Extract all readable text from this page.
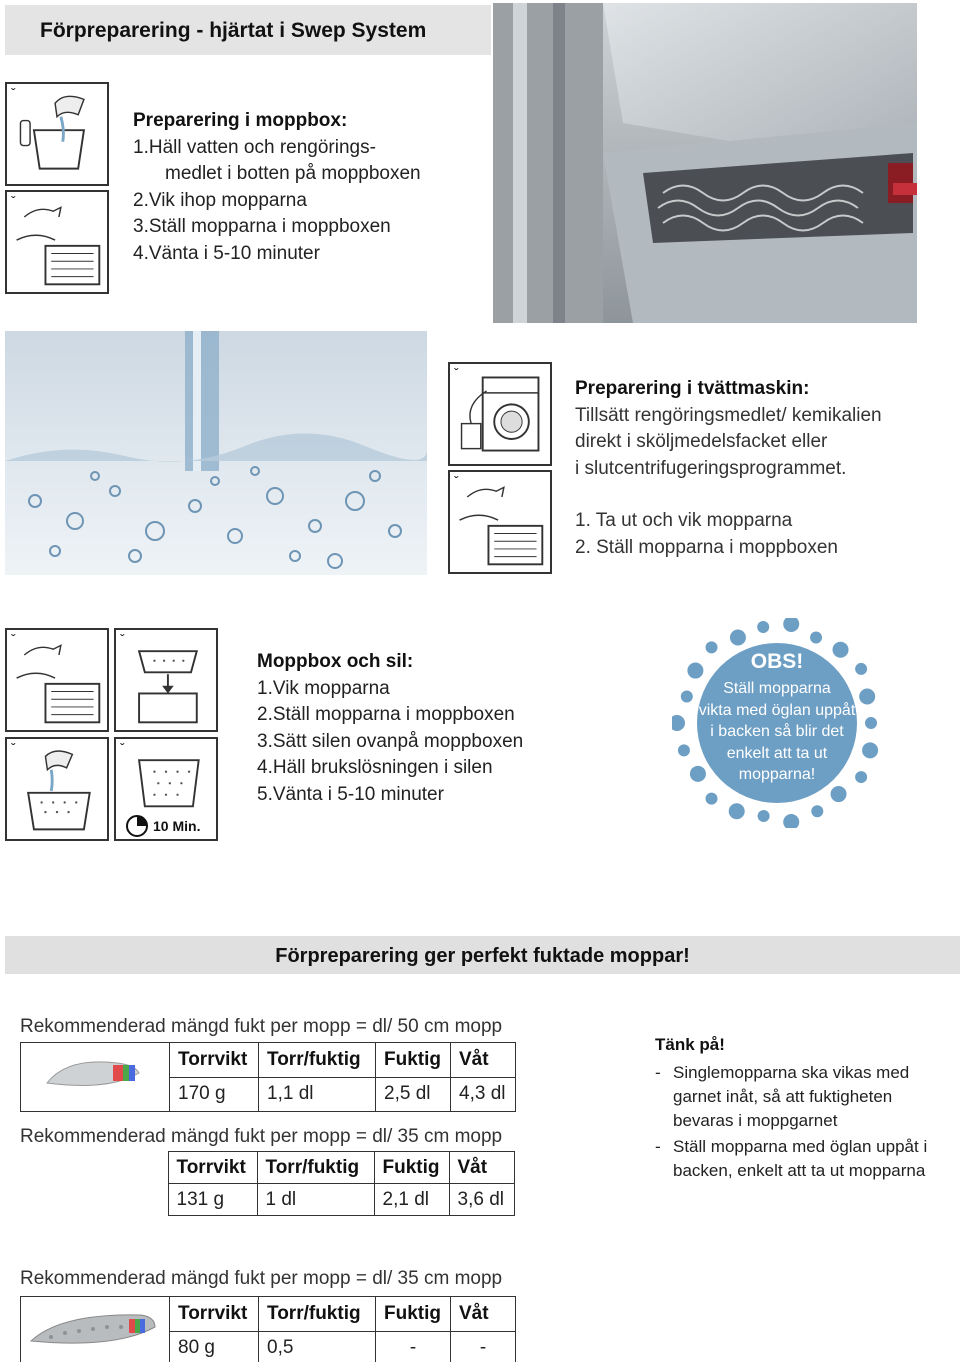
Förpreparering - hjärtat i Swep System
ˇ
ˇ
Preparering i moppbox:
1. Häll vatten och rengörings-
medlet i botten på moppboxen
2. Vik ihop mopparna
3. Ställ mopparna i moppboxen
4. Vänta i 5-10 minuter
ˇ
ˇ
Preparering i tvättmaskin:
Tillsätt rengöringsmedlet/ kemikalien
direkt i sköljmedelsfacket eller
i slutcentrifugeringsprogrammet.
1. Ta ut och vik mopparna
2. Ställ mopparna i moppboxen
ˇ	ˇ
ˇ	ˇ
10 Min.
Moppbox och sil:
1. Vik mopparna
2. Ställ mopparna i moppboxen
3. Sätt silen ovanpå moppboxen
4. Häll brukslösningen i silen
5. Vänta i 5-10 minuter
OBS!
Ställ mopparna
vikta med öglan uppåt
i backen så blir det
enkelt att ta ut
mopparna!
Förpreparering ger perfekt fuktade moppar!
Rekommenderad mängd fukt per mopp = dl/ 50 cm mopp
	Torrvikt	Torr/fuktig	Fuktig	Våt
	170 g	1,1 dl	2,5 dl	4,3 dl
Rekommenderad mängd fukt per mopp = dl/ 35 cm mopp
	Torrvikt	Torr/fuktig	Fuktig	Våt
	131 g	1 dl	2,1 dl	3,6 dl
Tänk på!
- Singlemopparna ska vikas med
garnet inåt, så att fuktigheten
bevaras i moppgarnet
- Ställ mopparna med öglan uppåt i
backen, enkelt att ta ut mopparna
Rekommenderad mängd fukt per mopp = dl/ 35 cm mopp
	Torrvikt	Torr/fuktig	Fuktig	Våt
	80 g	0,5	-	-
